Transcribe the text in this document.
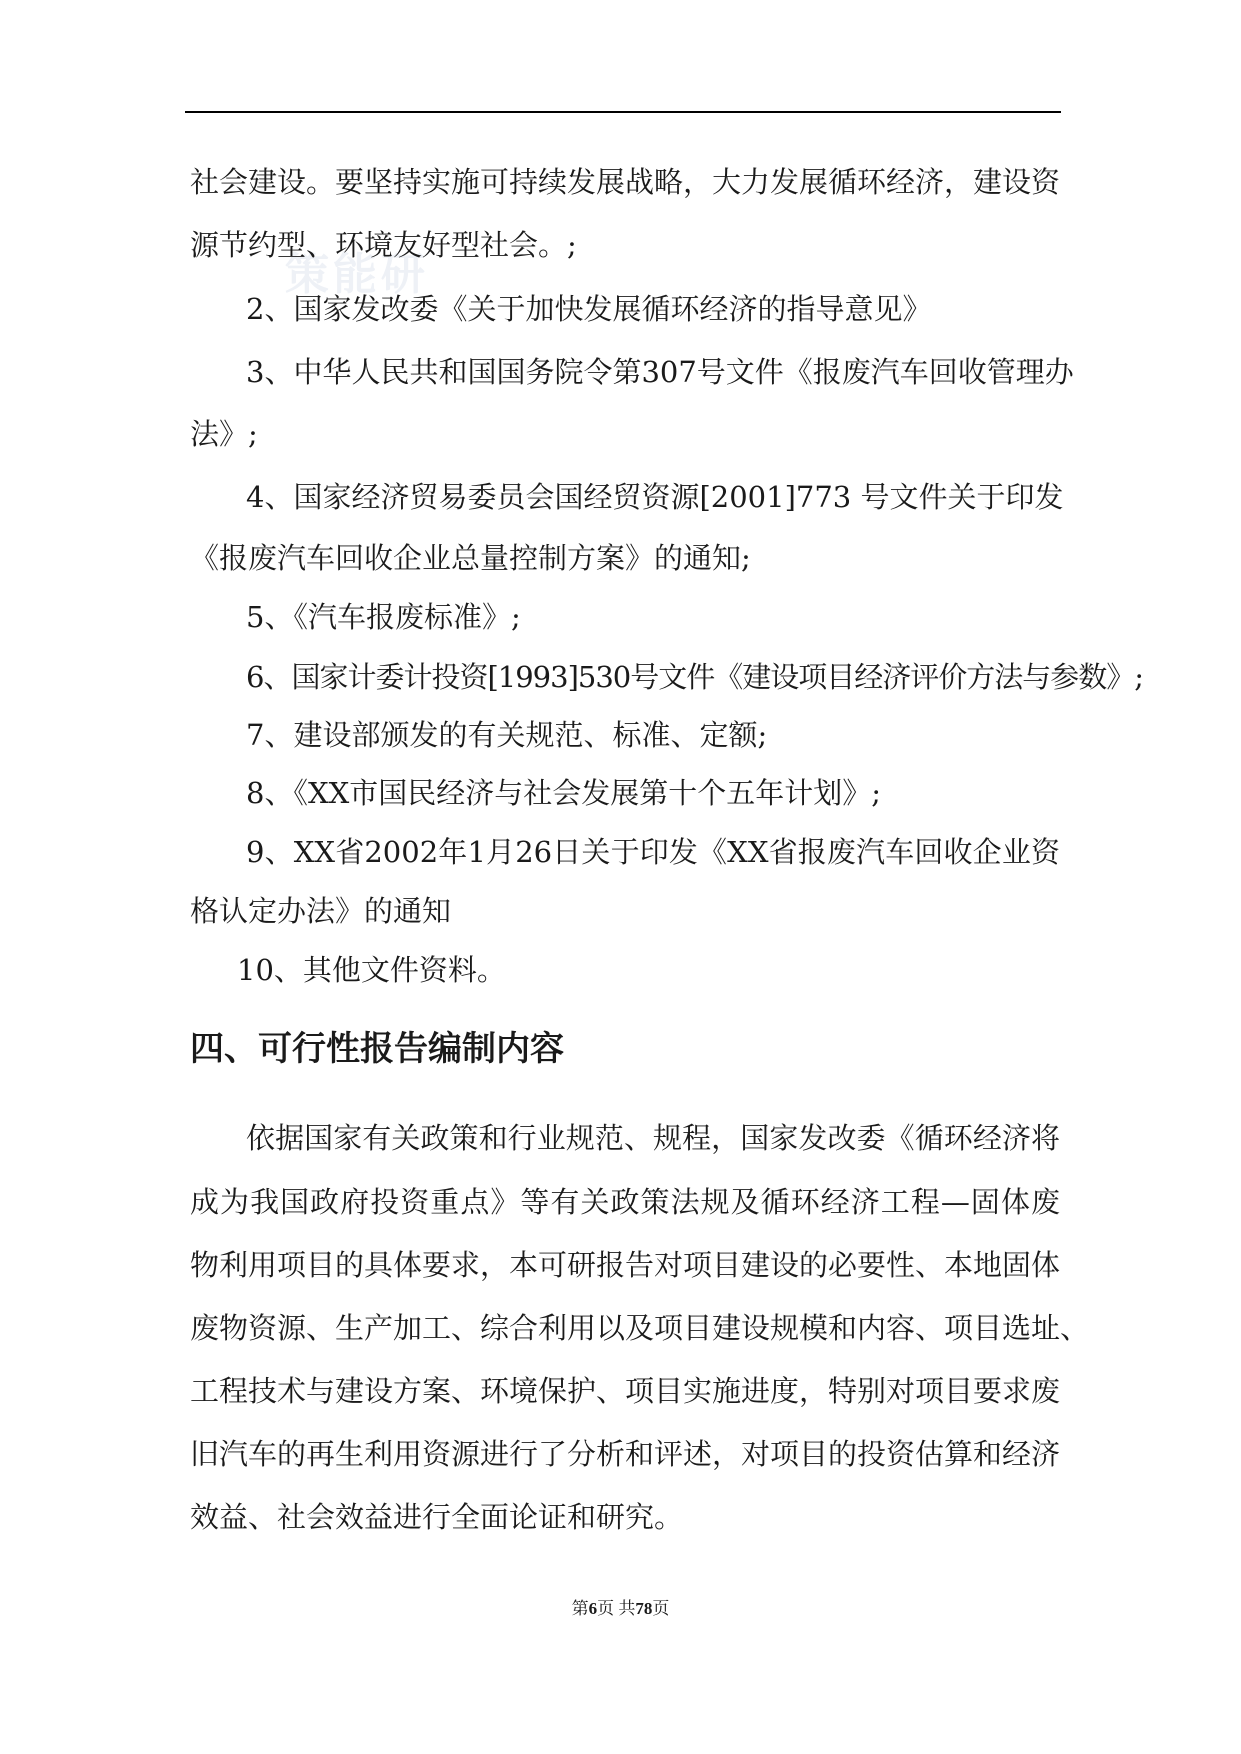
策能研
社会建设。要坚持实施可持续发展战略，大力发展循环经济，建设资
源节约型、环境友好型社会。;
2、国家发改委《关于加快发展循环经济的指导意见》
3、中华人民共和国国务院令第307号文件《报废汽车回收管理办
法》;
4、国家经济贸易委员会国经贸资源[2001]773 号文件关于印发
《报废汽车回收企业总量控制方案》的通知;
5、《汽车报废标准》;
6、国家计委计投资[1993]530号文件《建设项目经济评价方法与参数》;
7、建设部颁发的有关规范、标准、定额;
8、《XX市国民经济与社会发展第十个五年计划》;
9、XX省2002年1月26日关于印发《XX省报废汽车回收企业资
格认定办法》的通知
10、其他文件资料。
四、可行性报告编制内容
依据国家有关政策和行业规范、规程，国家发改委《循环经济将
成为我国政府投资重点》等有关政策法规及循环经济工程—固体废
物利用项目的具体要求，本可研报告对项目建设的必要性、本地固体
废物资源、生产加工、综合利用以及项目建设规模和内容、项目选址、
工程技术与建设方案、环境保护、项目实施进度，特别对项目要求废
旧汽车的再生利用资源进行了分析和评述，对项目的投资估算和经济
效益、社会效益进行全面论证和研究。
第6页 共78页
